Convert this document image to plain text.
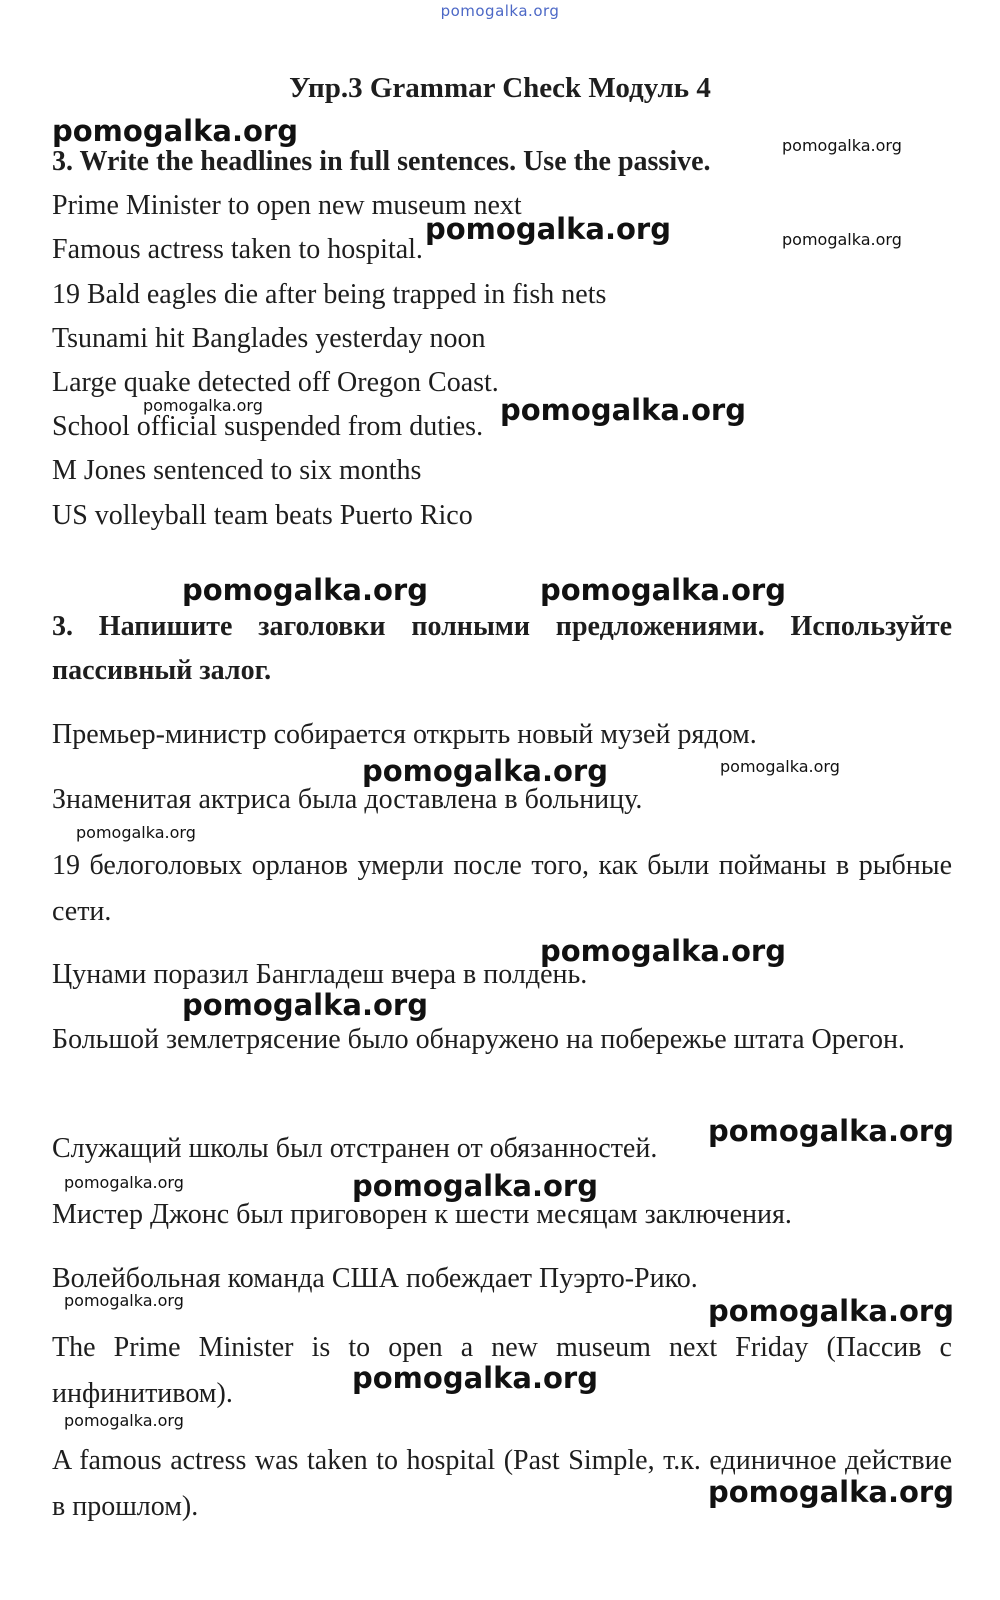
pomogalka.org
Упр.3 Grammar Check Модуль 4
3. Write the headlines in full sentences. Use the passive.
Prime Minister to open new museum next
Famous actress taken to hospital.
19 Bald eagles die after being trapped in fish nets
Tsunami hit Banglades yesterday noon
Large quake detected off Oregon Coast.
School official suspended from duties.
M Jones sentenced to six months
US volleyball team beats Puerto Rico
3. Напишите заголовки полными предложениями. Используйте пассивный залог.
Премьер-министр собирается открыть новый музей рядом.
Знаменитая актриса была доставлена в больницу.
19 белоголовых орланов умерли после того, как были пойманы в рыбные сети.
Цунами поразил Бангладеш вчера в полдень.
Большой землетрясение было обнаружено на побережье штата Орегон.
Служащий школы был отстранен от обязанностей.
Мистер Джонс был приговорен к шести месяцам заключения.
Волейбольная команда США побеждает Пуэрто-Рико.
The Prime Minister is to open a new museum next Friday (Пассив с инфинитивом).
A famous actress was taken to hospital (Past Simple, т.к. единичное действие в прошлом).
pomogalka.org	pomogalka.org
pomogalka.org	pomogalka.org
pomogalka.org	pomogalka.org
pomogalka.org	pomogalka.org
pomogalka.org	pomogalka.org
pomogalka.org
pomogalka.org
pomogalka.org
pomogalka.org
pomogalka.org	pomogalka.org
pomogalka.org	pomogalka.org
pomogalka.org
pomogalka.org
pomogalka.org
